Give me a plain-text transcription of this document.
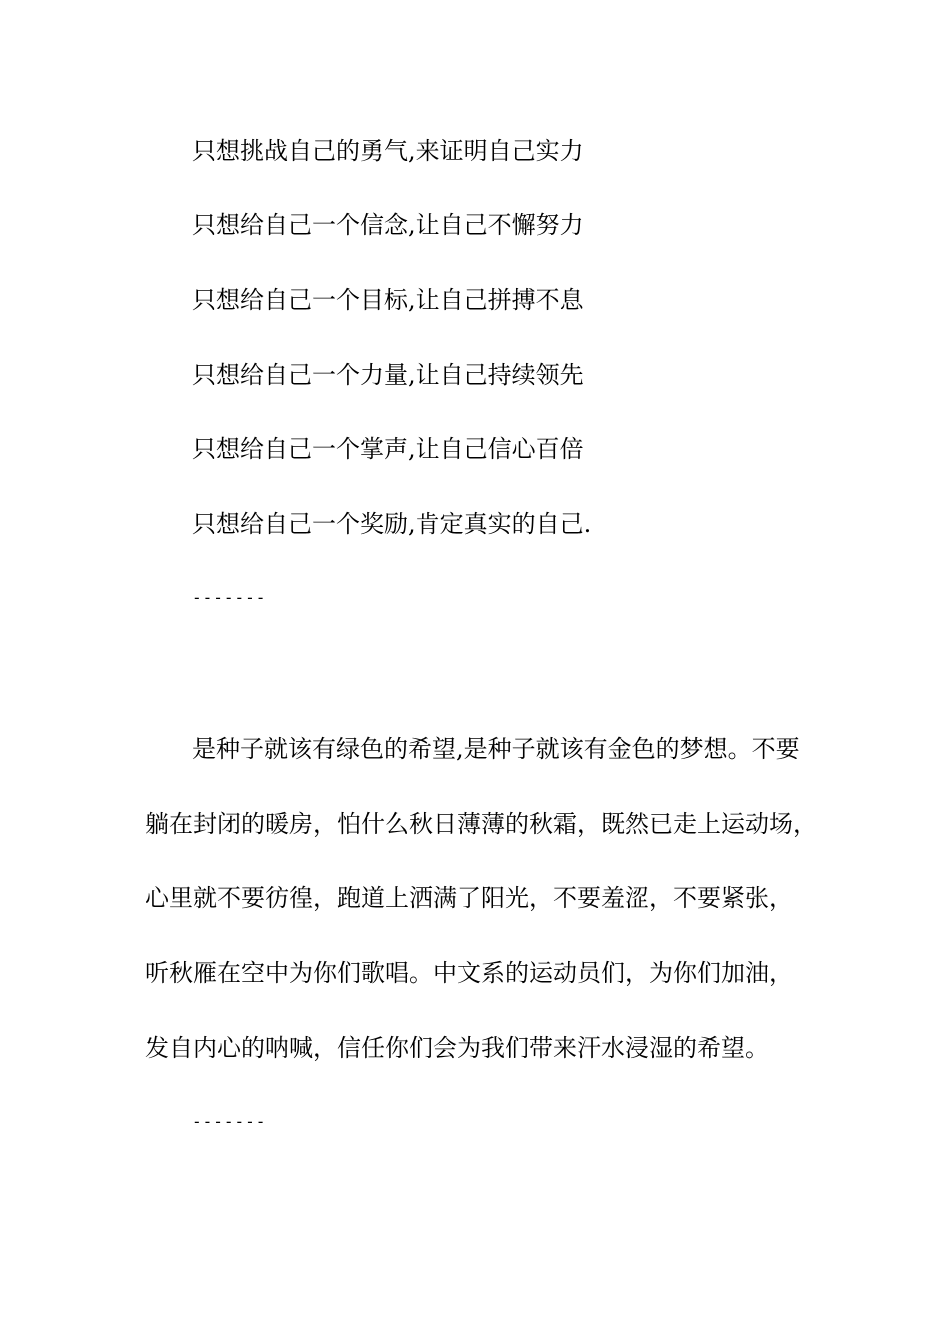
只想挑战自己的勇气,来证明自己实力
只想给自己一个信念,让自己不懈努力
只想给自己一个目标,让自己拼搏不息
只想给自己一个力量,让自己持续领先
只想给自己一个掌声,让自己信心百倍
只想给自己一个奖励,肯定真实的自己.
-------
是种子就该有绿色的希望,是种子就该有金色的梦想。不要
躺在封闭的暖房，怕什么秋日薄薄的秋霜，既然已走上运动场，
心里就不要彷徨，跑道上洒满了阳光，不要羞涩，不要紧张，
听秋雁在空中为你们歌唱。中文系的运动员们，为你们加油，
发自内心的呐喊，信任你们会为我们带来汗水浸湿的希望。
-------
